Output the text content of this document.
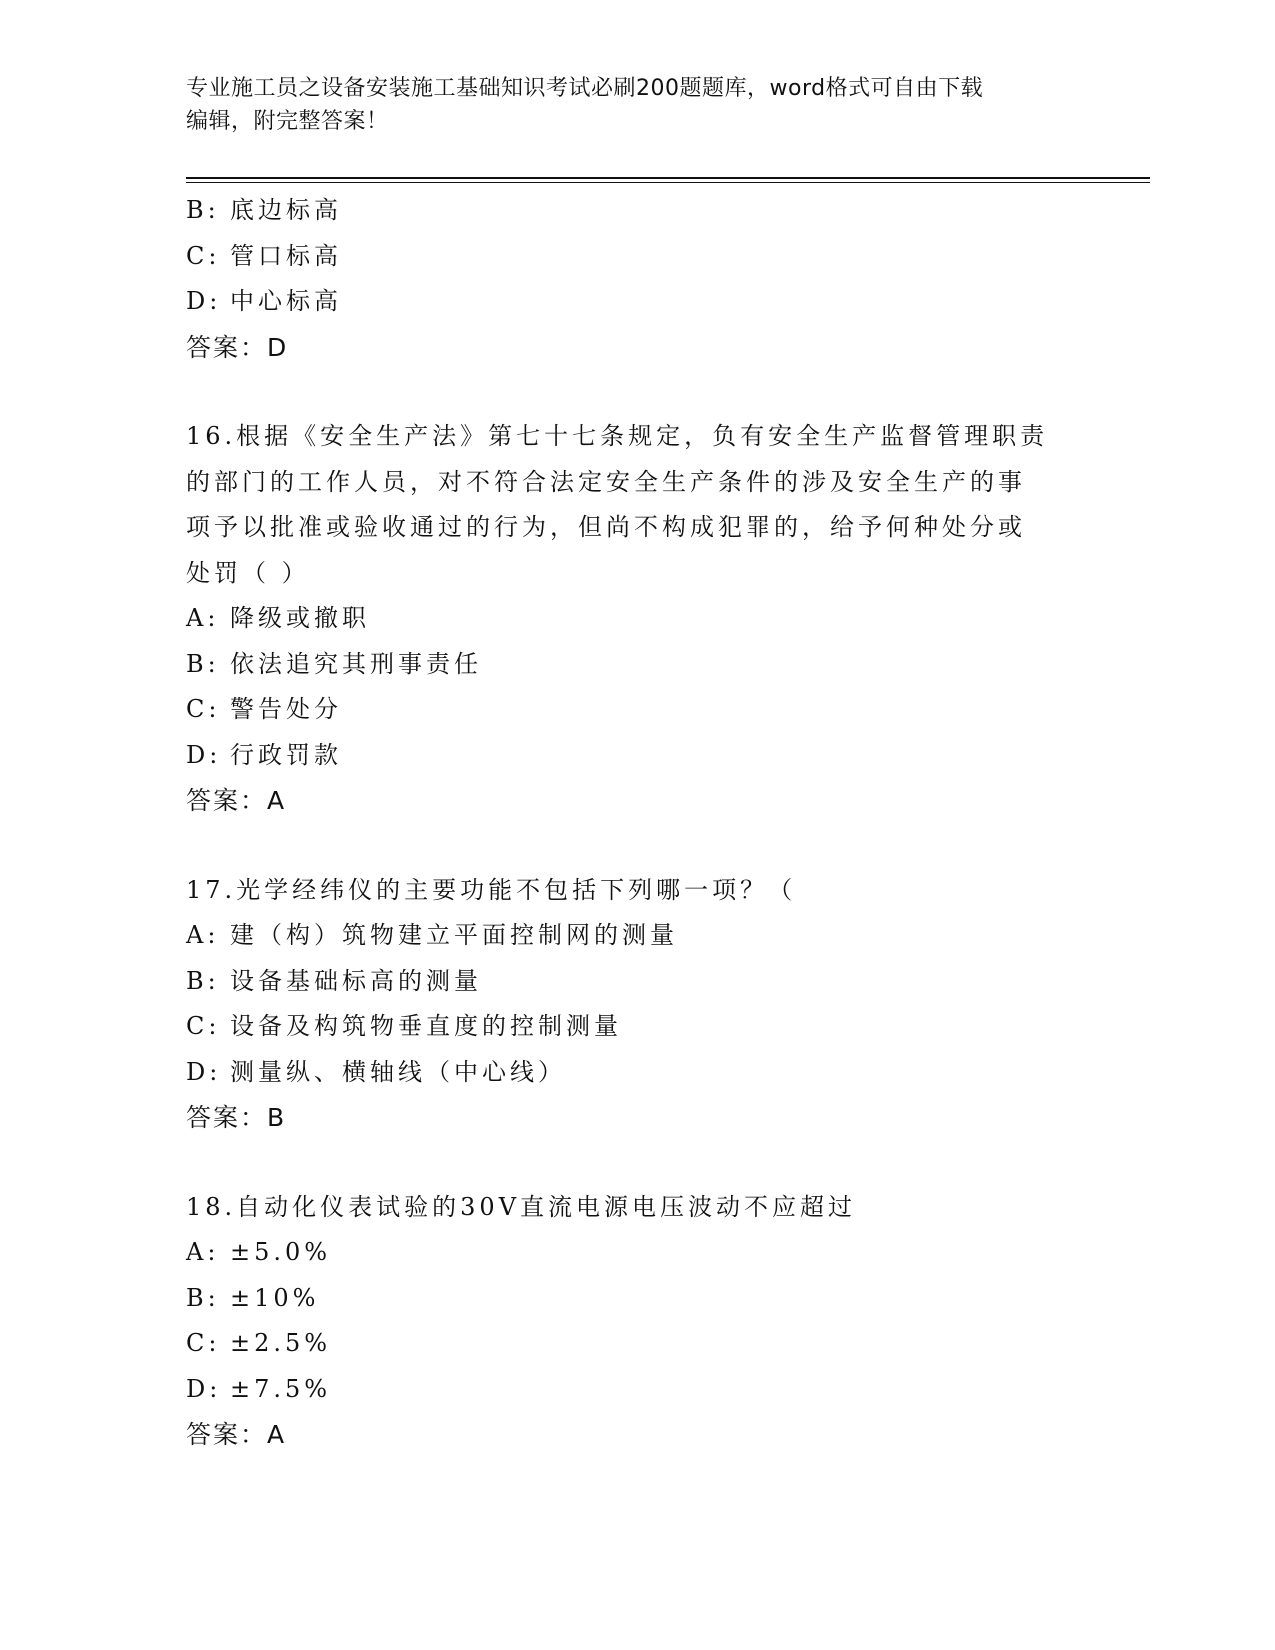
专业施工员之设备安装施工基础知识考试必刷200题题库，word格式可自由下载
编辑，附完整答案！
B: 底边标高
C: 管口标高
D: 中心标高
答案：D
16.根据《安全生产法》第七十七条规定，负有安全生产监督管理职责
的部门的工作人员，对不符合法定安全生产条件的涉及安全生产的事
项予以批准或验收通过的行为，但尚不构成犯罪的，给予何种处分或
处罚（ ）
A: 降级或撤职
B: 依法追究其刑事责任
C: 警告处分
D: 行政罚款
答案：A
17.光学经纬仪的主要功能不包括下列哪一项？（
A: 建（构）筑物建立平面控制网的测量
B: 设备基础标高的测量
C: 设备及构筑物垂直度的控制测量
D: 测量纵、横轴线（中心线）
答案：B
18.自动化仪表试验的30V直流电源电压波动不应超过
A: ±5.0%
B: ±10%
C: ±2.5%
D: ±7.5%
答案：A
